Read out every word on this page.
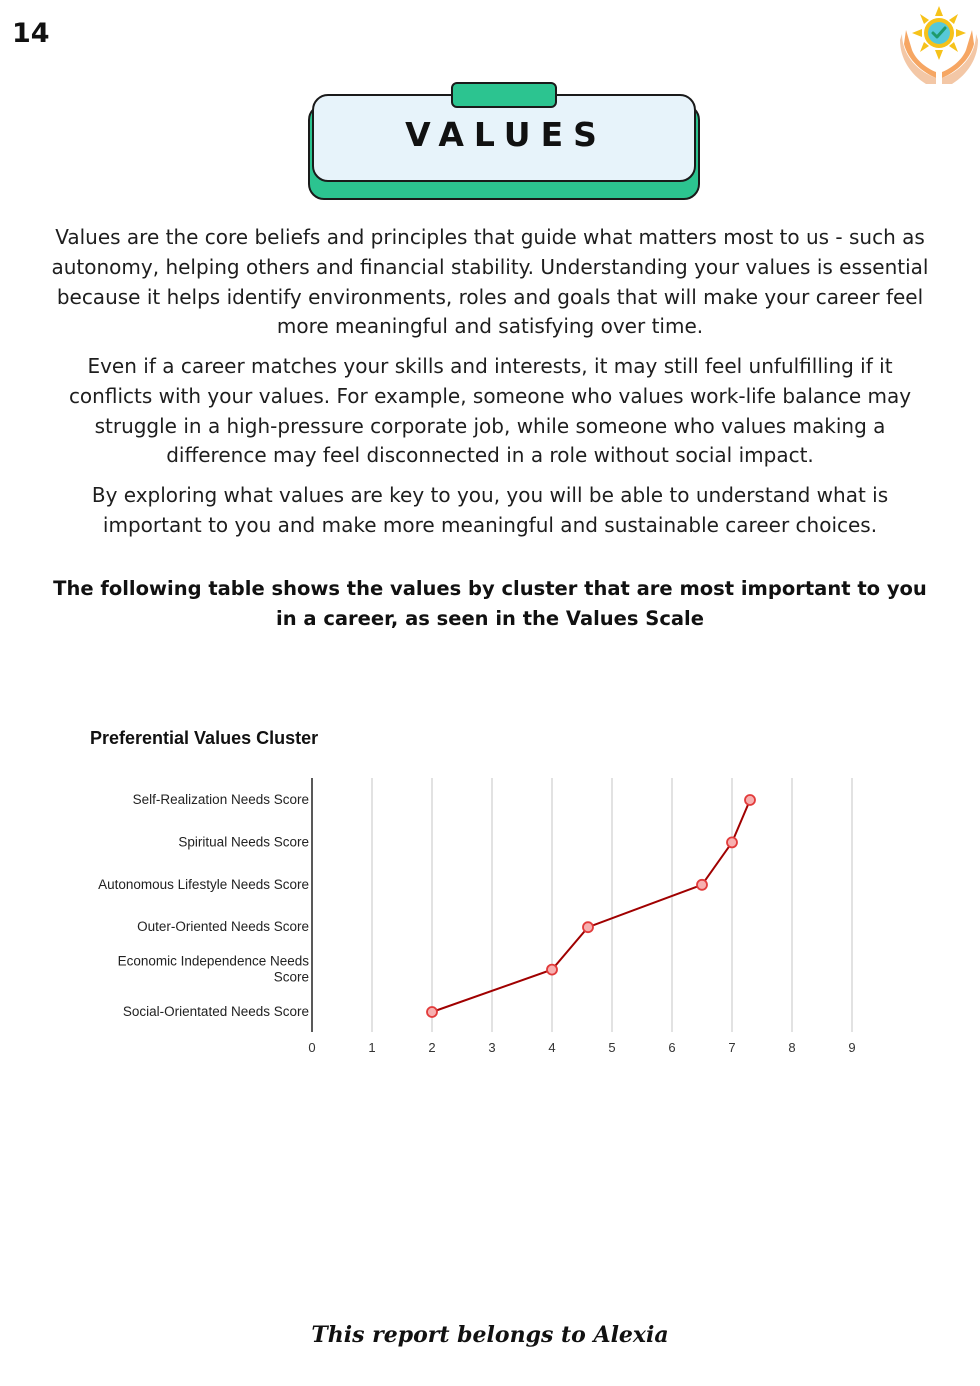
14
VALUES

Values are the core beliefs and principles that guide what matters most to us - such as autonomy, helping others and financial stability. Understanding your values is essential because it helps identify environments, roles and goals that will make your career feel more meaningful and satisfying over time.

Even if a career matches your skills and interests, it may still feel unfulfilling if it conflicts with your values. For example, someone who values work-life balance may struggle in a high-pressure corporate job, while someone who values making a difference may feel disconnected in a role without social impact.

By exploring what values are key to you, you will be able to understand what is important to you and make more meaningful and sustainable career choices.

The following table shows the values by cluster that are most important to you in a career, as seen in the Values Scale

Preferential Values Cluster
0	1	2	3	4	5	6	7	8	9
Self-Realization Needs Score
Spiritual Needs Score
Autonomous Lifestyle Needs Score
Outer-Oriented Needs Score
Economic Independence Needs Score
Social-Orientated Needs Score
This report belongs to Alexia
